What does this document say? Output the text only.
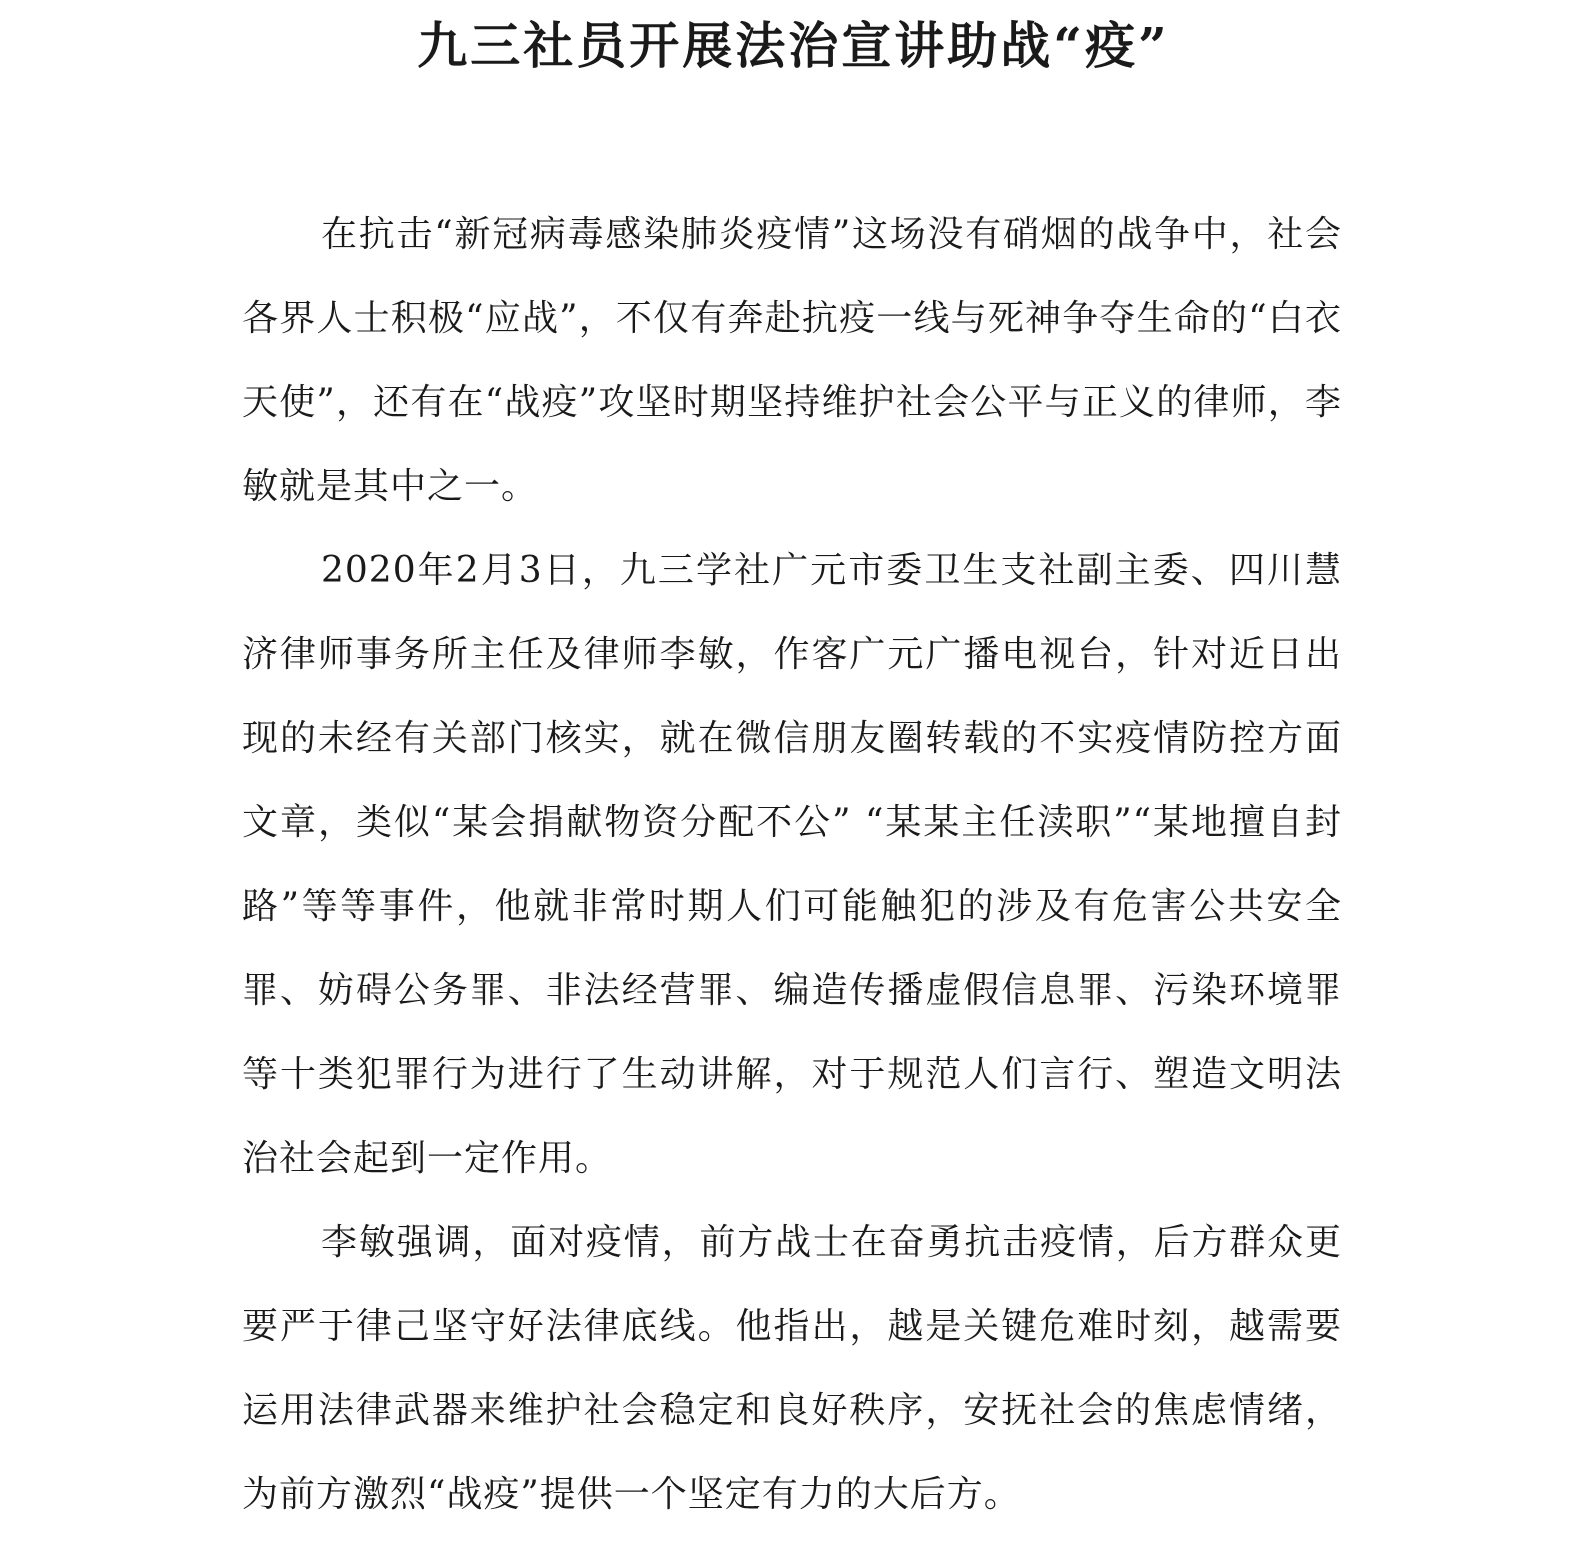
九三社员开展法治宣讲助战“疫”

在抗击“新冠病毒感染肺炎疫情”这场没有硝烟的战争中，社会各界人士积极“应战”，不仅有奔赴抗疫一线与死神争夺生命的“白衣天使”，还有在“战疫”攻坚时期坚持维护社会公平与正义的律师，李敏就是其中之一。

2020年2月3日，九三学社广元市委卫生支社副主委、四川慧济律师事务所主任及律师李敏，作客广元广播电视台，针对近日出现的未经有关部门核实，就在微信朋友圈转载的不实疫情防控方面文章，类似“某会捐献物资分配不公” “某某主任渎职”“某地擅自封路”等等事件，他就非常时期人们可能触犯的涉及有危害公共安全罪、妨碍公务罪、非法经营罪、编造传播虚假信息罪、污染环境罪等十类犯罪行为进行了生动讲解，对于规范人们言行、塑造文明法治社会起到一定作用。

李敏强调，面对疫情，前方战士在奋勇抗击疫情，后方群众更要严于律己坚守好法律底线。他指出，越是关键危难时刻，越需要运用法律武器来维护社会稳定和良好秩序，安抚社会的焦虑情绪，为前方激烈“战疫”提供一个坚定有力的大后方。
